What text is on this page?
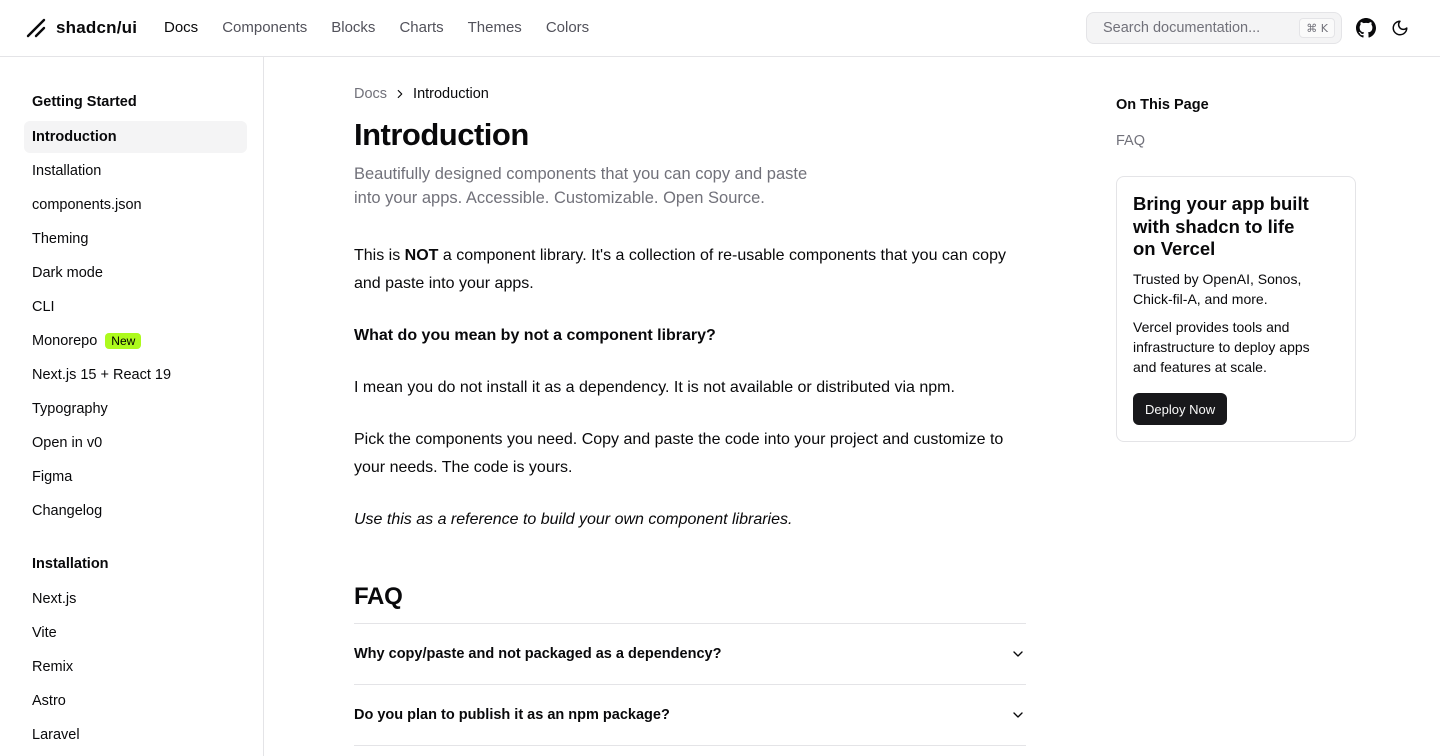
shadcn/ui Docs Components Blocks Charts Themes Colors	Search documentation...	⌘ K
Getting Started
Introduction
Installation
components.json
Theming
Dark mode
CLI
Monorepo	New
Next.js 15 + React 19
Typography
Open in v0
Figma
Changelog
Installation
Next.js
Vite
Remix
Astro
Laravel
Docs Introduction
Introduction

Beautifully designed components that you can copy and paste into your apps. Accessible. Customizable. Open Source.

This is NOT a component library. It's a collection of re-usable components that you can copy and paste into your apps.

What do you mean by not a component library?

I mean you do not install it as a dependency. It is not available or distributed via npm.

Pick the components you need. Copy and paste the code into your project and customize to your needs. The code is yours.

Use this as a reference to build your own component libraries.

FAQ
Why copy/paste and not packaged as a dependency?
Do you plan to publish it as an npm package?
On This Page
FAQ
Bring your app built with shadcn to life on Vercel
Trusted by OpenAI, Sonos, Chick-fil-A, and more.
Vercel provides tools and infrastructure to deploy apps and features at scale.
Deploy Now
